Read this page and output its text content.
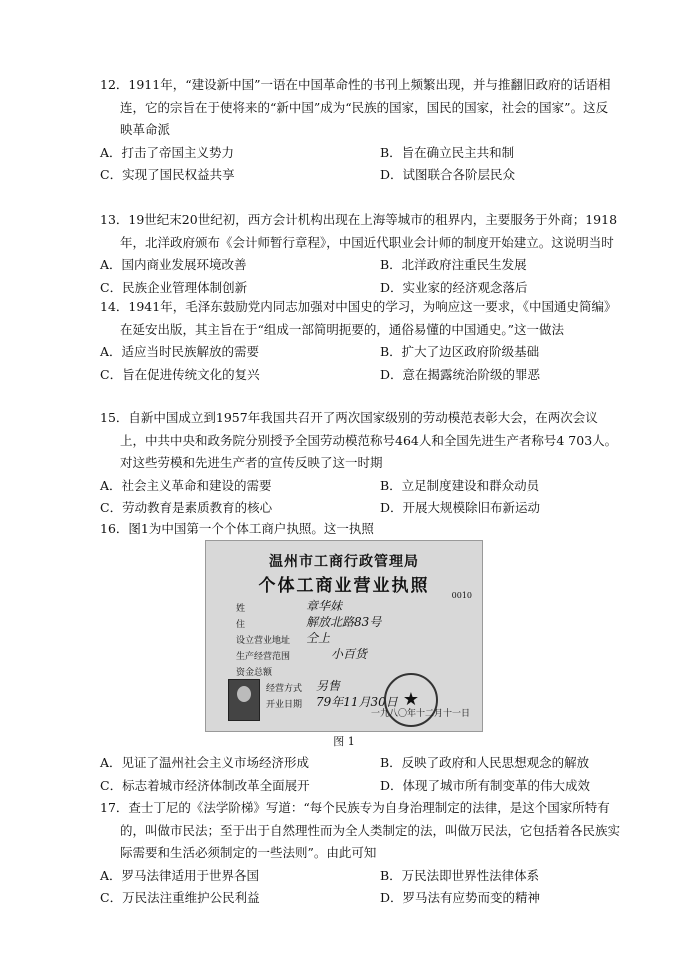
12．1911年，“建设新中国”一语在中国革命性的书刊上频繁出现，并与推翻旧政府的话语相连，它的宗旨在于使将来的“新中国”成为“民族的国家，国民的国家，社会的国家”。这反映革命派
A．打击了帝国主义势力	B．旨在确立民主共和制
C．实现了国民权益共享	D．试图联合各阶层民众
13．19世纪末20世纪初，西方会计机构出现在上海等城市的租界内，主要服务于外商；1918年，北洋政府颁布《会计师暂行章程》，中国近代职业会计师的制度开始建立。这说明当时
A．国内商业发展环境改善	B．北洋政府注重民生发展
C．民族企业管理体制创新	D．实业家的经济观念落后
14．1941年，毛泽东鼓励党内同志加强对中国史的学习，为响应这一要求，《中国通史简编》在延安出版，其主旨在于“组成一部简明扼要的，通俗易懂的中国通史。”这一做法
A．适应当时民族解放的需要	B．扩大了边区政府阶级基础
C．旨在促进传统文化的复兴	D．意在揭露统治阶级的罪恶
15．自新中国成立到1957年我国共召开了两次国家级别的劳动模范表彰大会，在两次会议上，中共中央和政务院分别授予全国劳动模范称号464人和全国先进生产者称号4 703人。对这些劳模和先进生产者的宣传反映了这一时期
A．社会主义革命和建设的需要	B．立足制度建设和群众动员
C．劳动教育是素质教育的核心	D．开展大规模除旧布新运动
16．图1为中国第一个个体工商户执照。这一执照
温州市工商行政管理局
个体工商业营业执照	0010
姓	章华妹
住	解放北路83号
设立营业地址 仝上
生产经营范围	小百货
资金总额
经营方式 另售
开业日期 79年11月30日 ★
一九八〇年十二月十一日
图 1
A．见证了温州社会主义市场经济形成	B．反映了政府和人民思想观念的解放
C．标志着城市经济体制改革全面展开	D．体现了城市所有制变革的伟大成效
17．查士丁尼的《法学阶梯》写道：“每个民族专为自身治理制定的法律，是这个国家所特有的，叫做市民法；至于出于自然理性而为全人类制定的法，叫做万民法，它包括着各民族实际需要和生活必须制定的一些法则”。由此可知
A．罗马法律适用于世界各国	B．万民法即世界性法律体系
C．万民法注重维护公民利益	D．罗马法有应势而变的精神
